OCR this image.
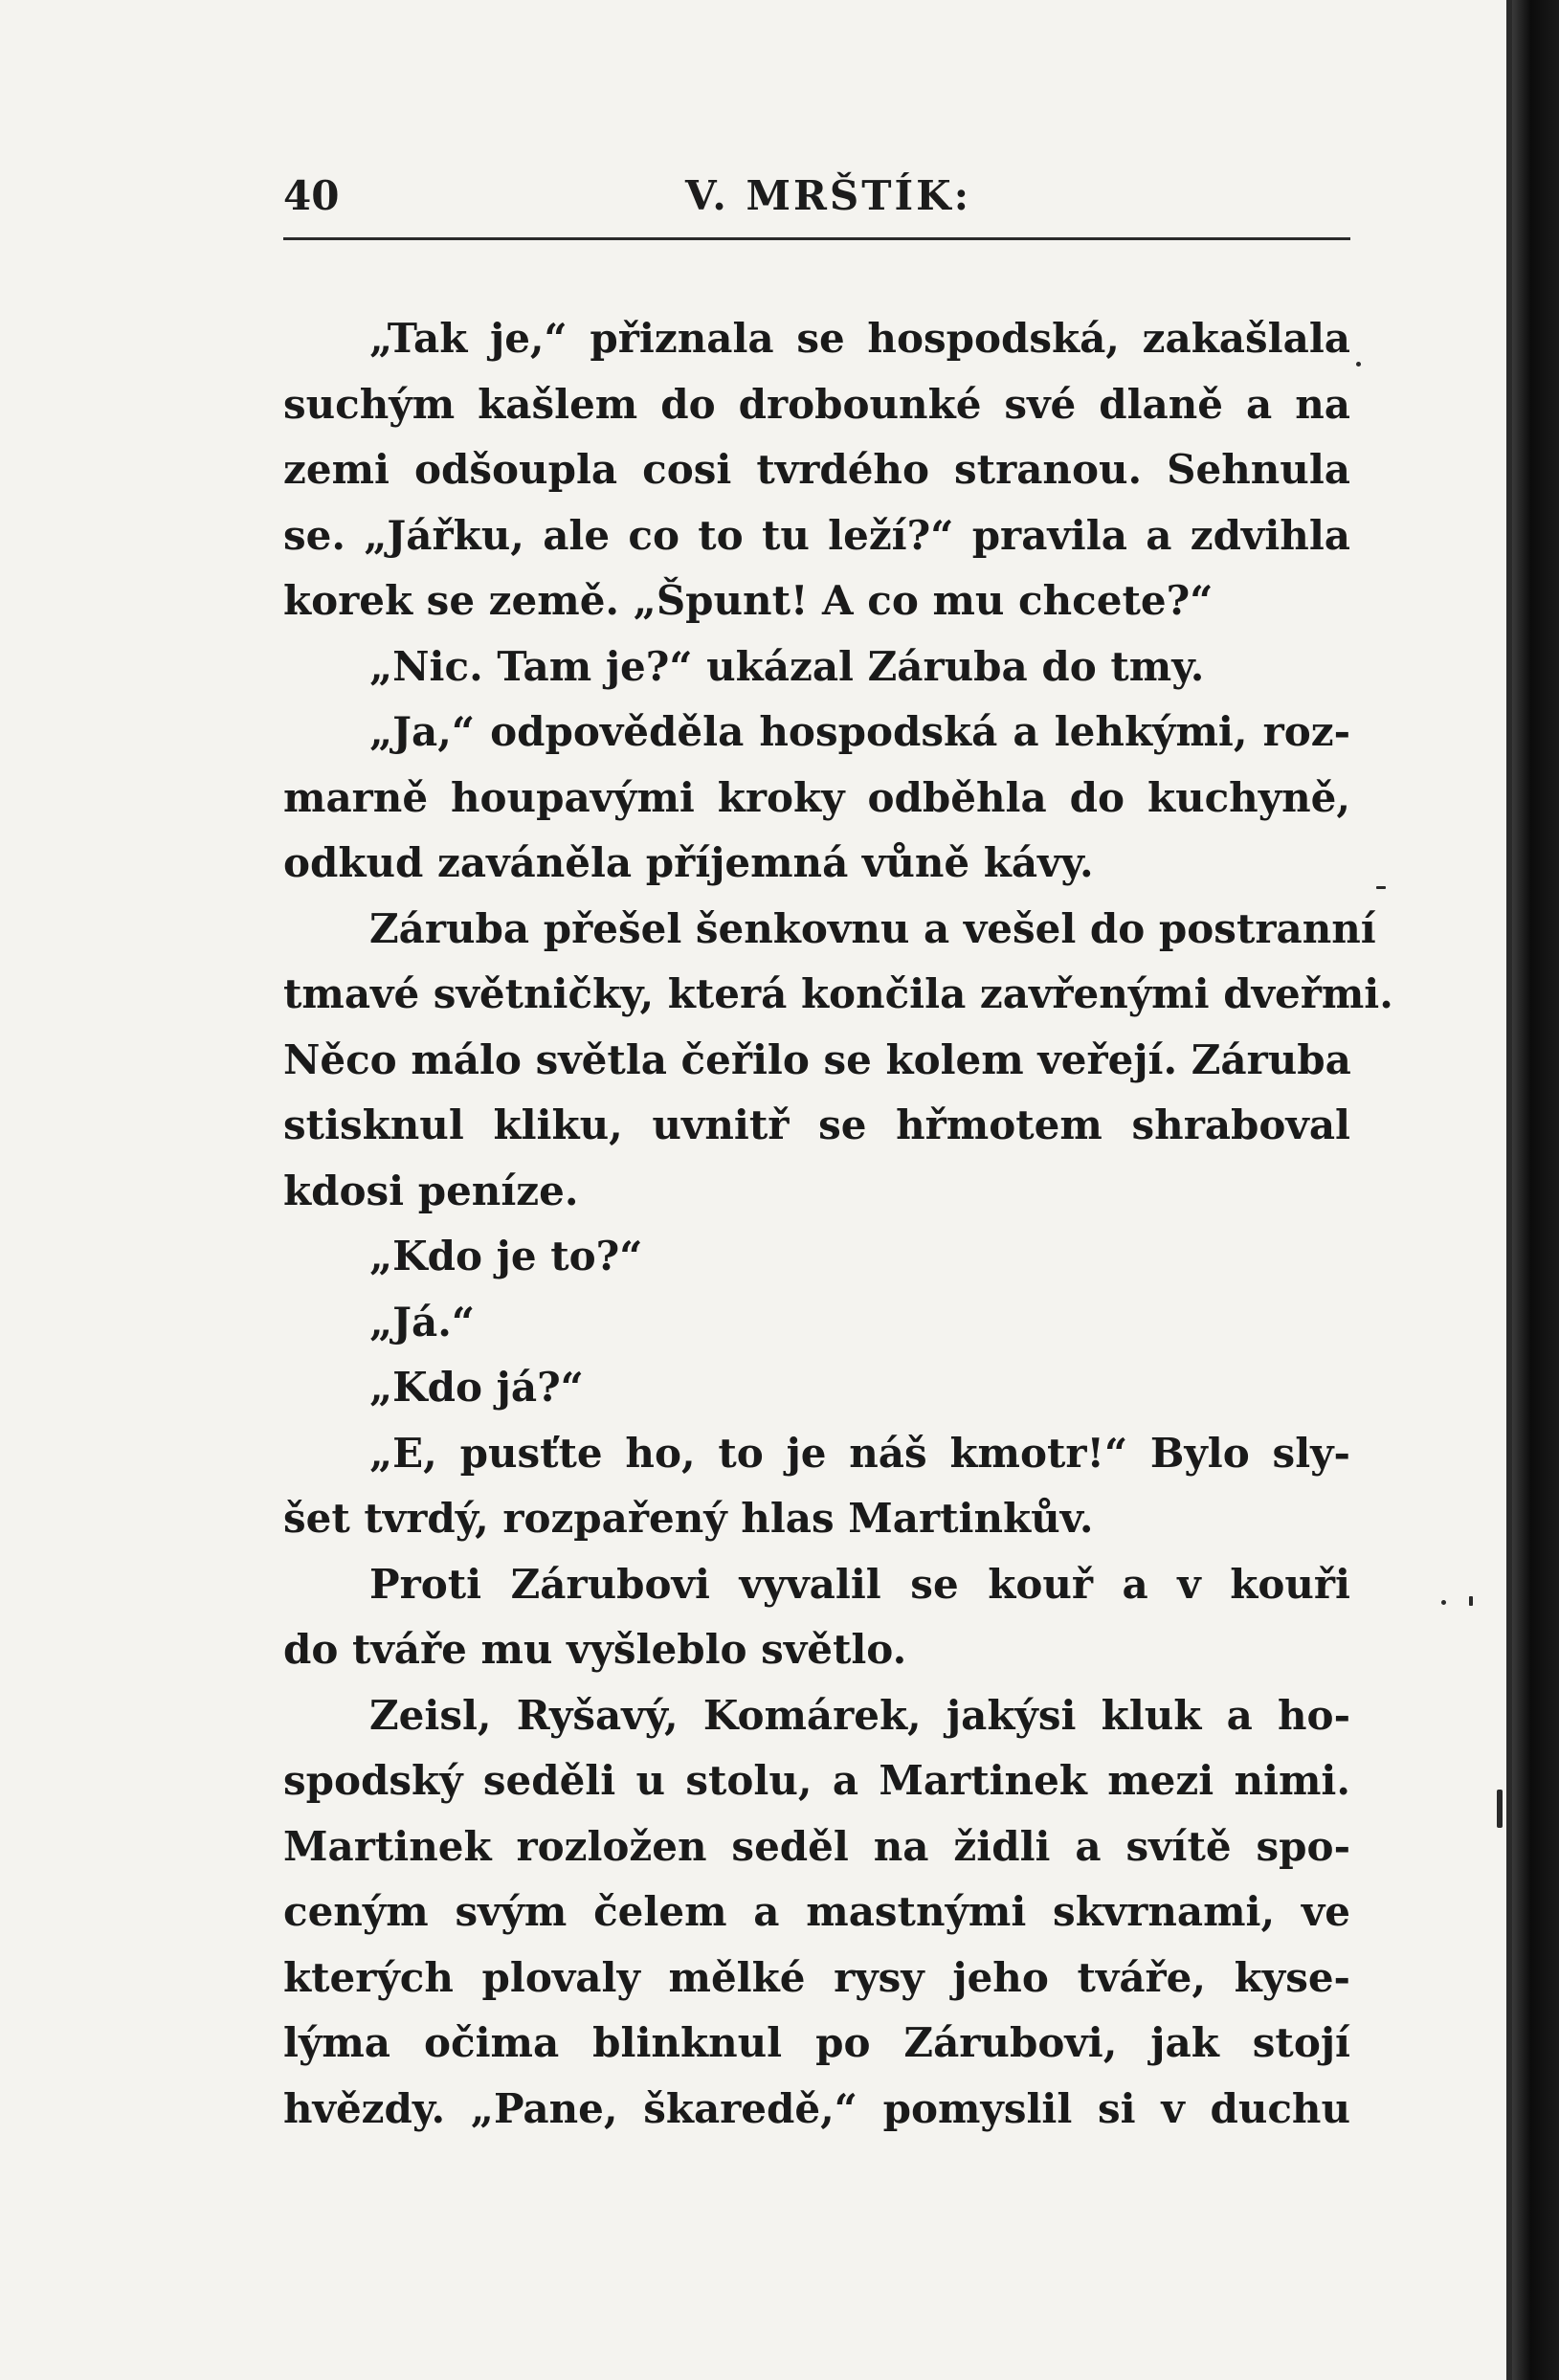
40	V. MRŠTÍK:
„Tak je,“ přiznala se hospodská, zakašlala
suchým kašlem do drobounké své dlaně a na
zemi odšoupla cosi tvrdého stranou. Sehnula
se. „Jářku, ale co to tu leží?“ pravila a zdvihla
korek se země. „Špunt! A co mu chcete?“
„Nic. Tam je?“ ukázal Záruba do tmy.
„Ja,“ odpověděla hospodská a lehkými, roz-
marně houpavými kroky odběhla do kuchyně,
odkud zaváněla příjemná vůně kávy.
Záruba přešel šenkovnu a vešel do postranní
tmavé světničky, která končila zavřenými dveřmi.
Něco málo světla čeřilo se kolem veřejí. Záruba
stisknul kliku, uvnitř se hřmotem shraboval
kdosi peníze.
„Kdo je to?“
„Já.“
„Kdo já?“
„E, pusťte ho, to je náš kmotr!“ Bylo sly-
šet tvrdý, rozpařený hlas Martinkův.
Proti Zárubovi vyvalil se kouř a v kouři
do tváře mu vyšleblo světlo.
Zeisl, Ryšavý, Komárek, jakýsi kluk a ho-
spodský seděli u stolu, a Martinek mezi nimi.
Martinek rozložen seděl na židli a svítě spo-
ceným svým čelem a mastnými skvrnami, ve
kterých plovaly mělké rysy jeho tváře, kyse-
lýma očima blinknul po Zárubovi, jak stojí
hvězdy. „Pane, škaredě,“ pomyslil si v duchu
